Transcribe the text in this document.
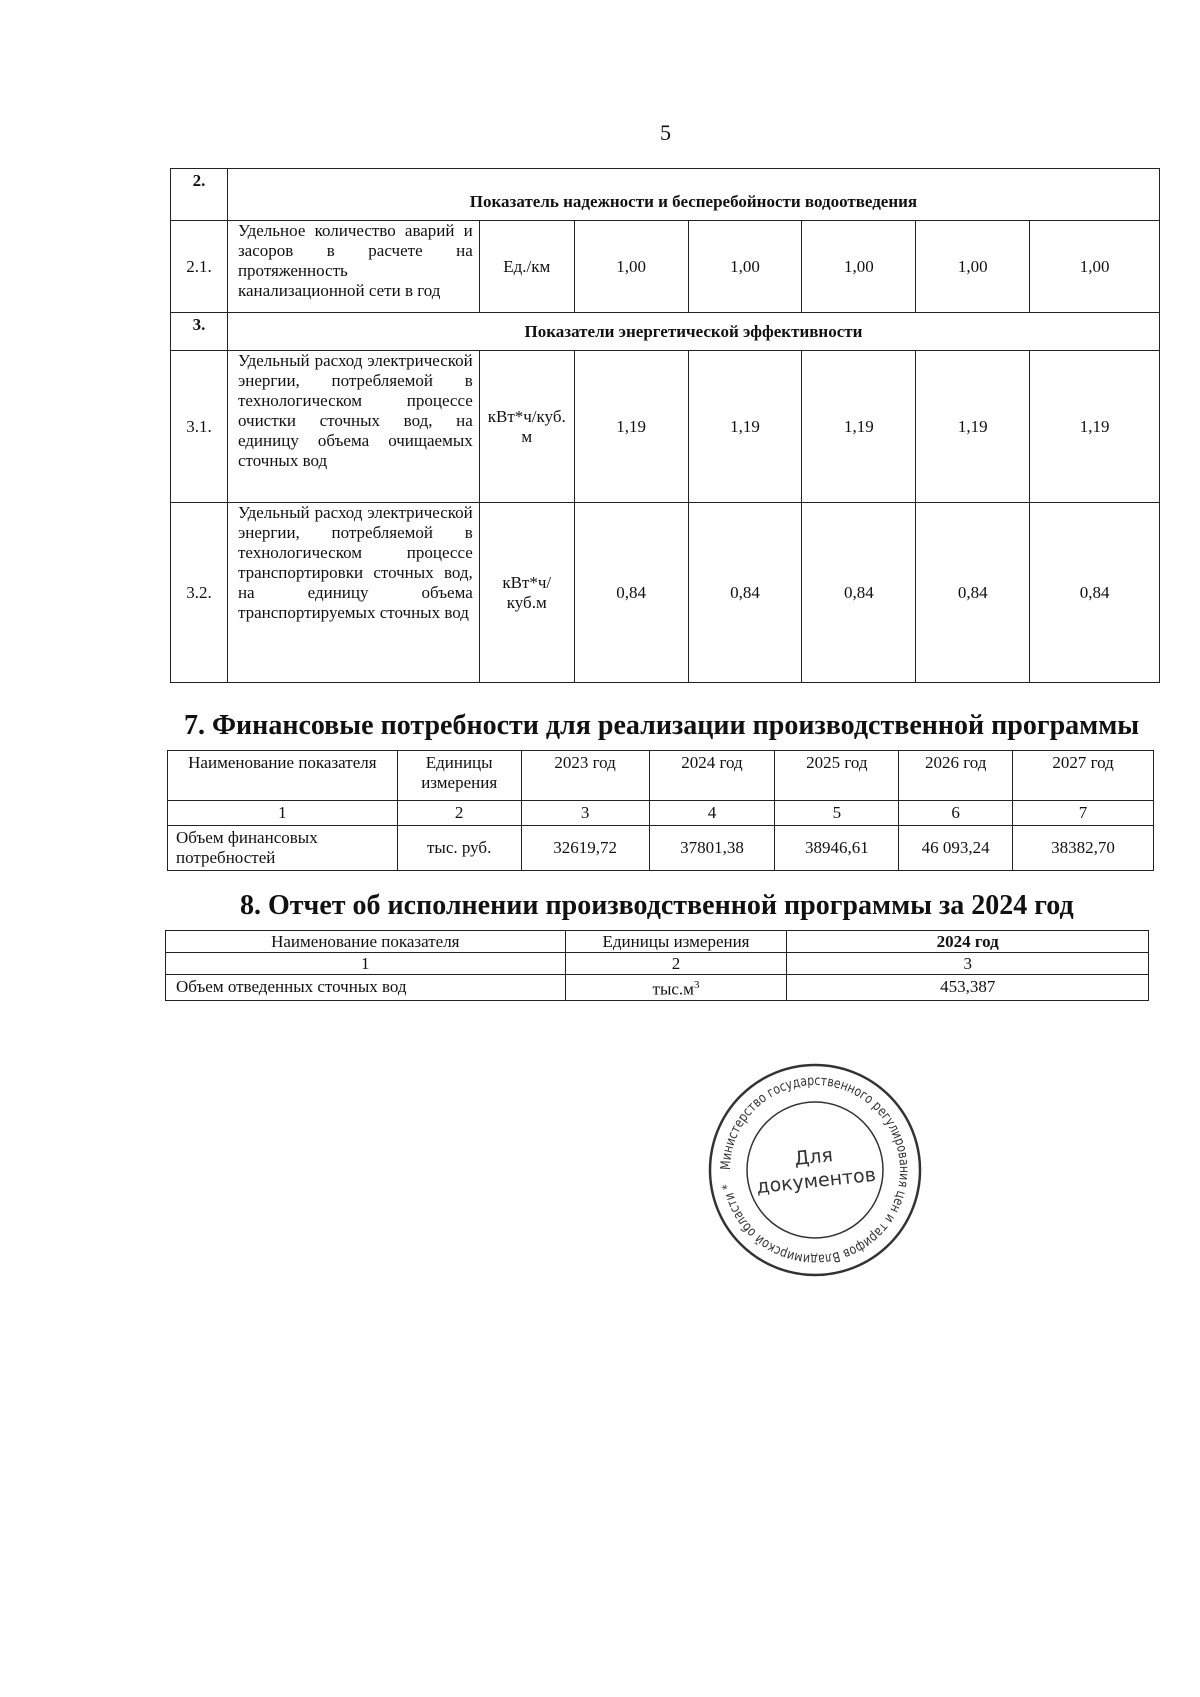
5
2.	Показатель надежности и бесперебойности водоотведения						
2.1.	Удельное количество аварий и засоров в расчете на протяженность канализационной сети в год	Ед./км	1,00	1,00	1,00	1,00	1,00
3.	Показатели энергетической эффективности						
3.1.	Удельный расход электрической энергии, потребляемой в технологическом процессе очистки сточных вод, на единицу объема очищаемых сточных вод	кВт*ч/куб. м	1,19	1,19	1,19	1,19	1,19
3.2.	Удельный расход электрической энергии, потребляемой в технологическом процессе транспортировки сточных вод, на единицу объема транспортируемых сточных вод	кВт*ч/куб.м	0,84	0,84	0,84	0,84	0,84
7. Финансовые потребности для реализации производственной программы
Наименование показателя	Единицы измерения	2023 год	2024 год	2025 год	2026 год	2027 год
1	2	3	4	5	6	7
Объем финансовых потребностей	тыс. руб.	32619,72	37801,38	38946,61	46 093,24	38382,70
8. Отчет об исполнении производственной программы за 2024 год
Наименование показателя	Единицы измерения	2024 год
1	2	3
Объем отведенных сточных вод	$тыс.м^3$	453,387
Министерство государственного регулирования цен и тарифов Владимирской области *
Для
документов
